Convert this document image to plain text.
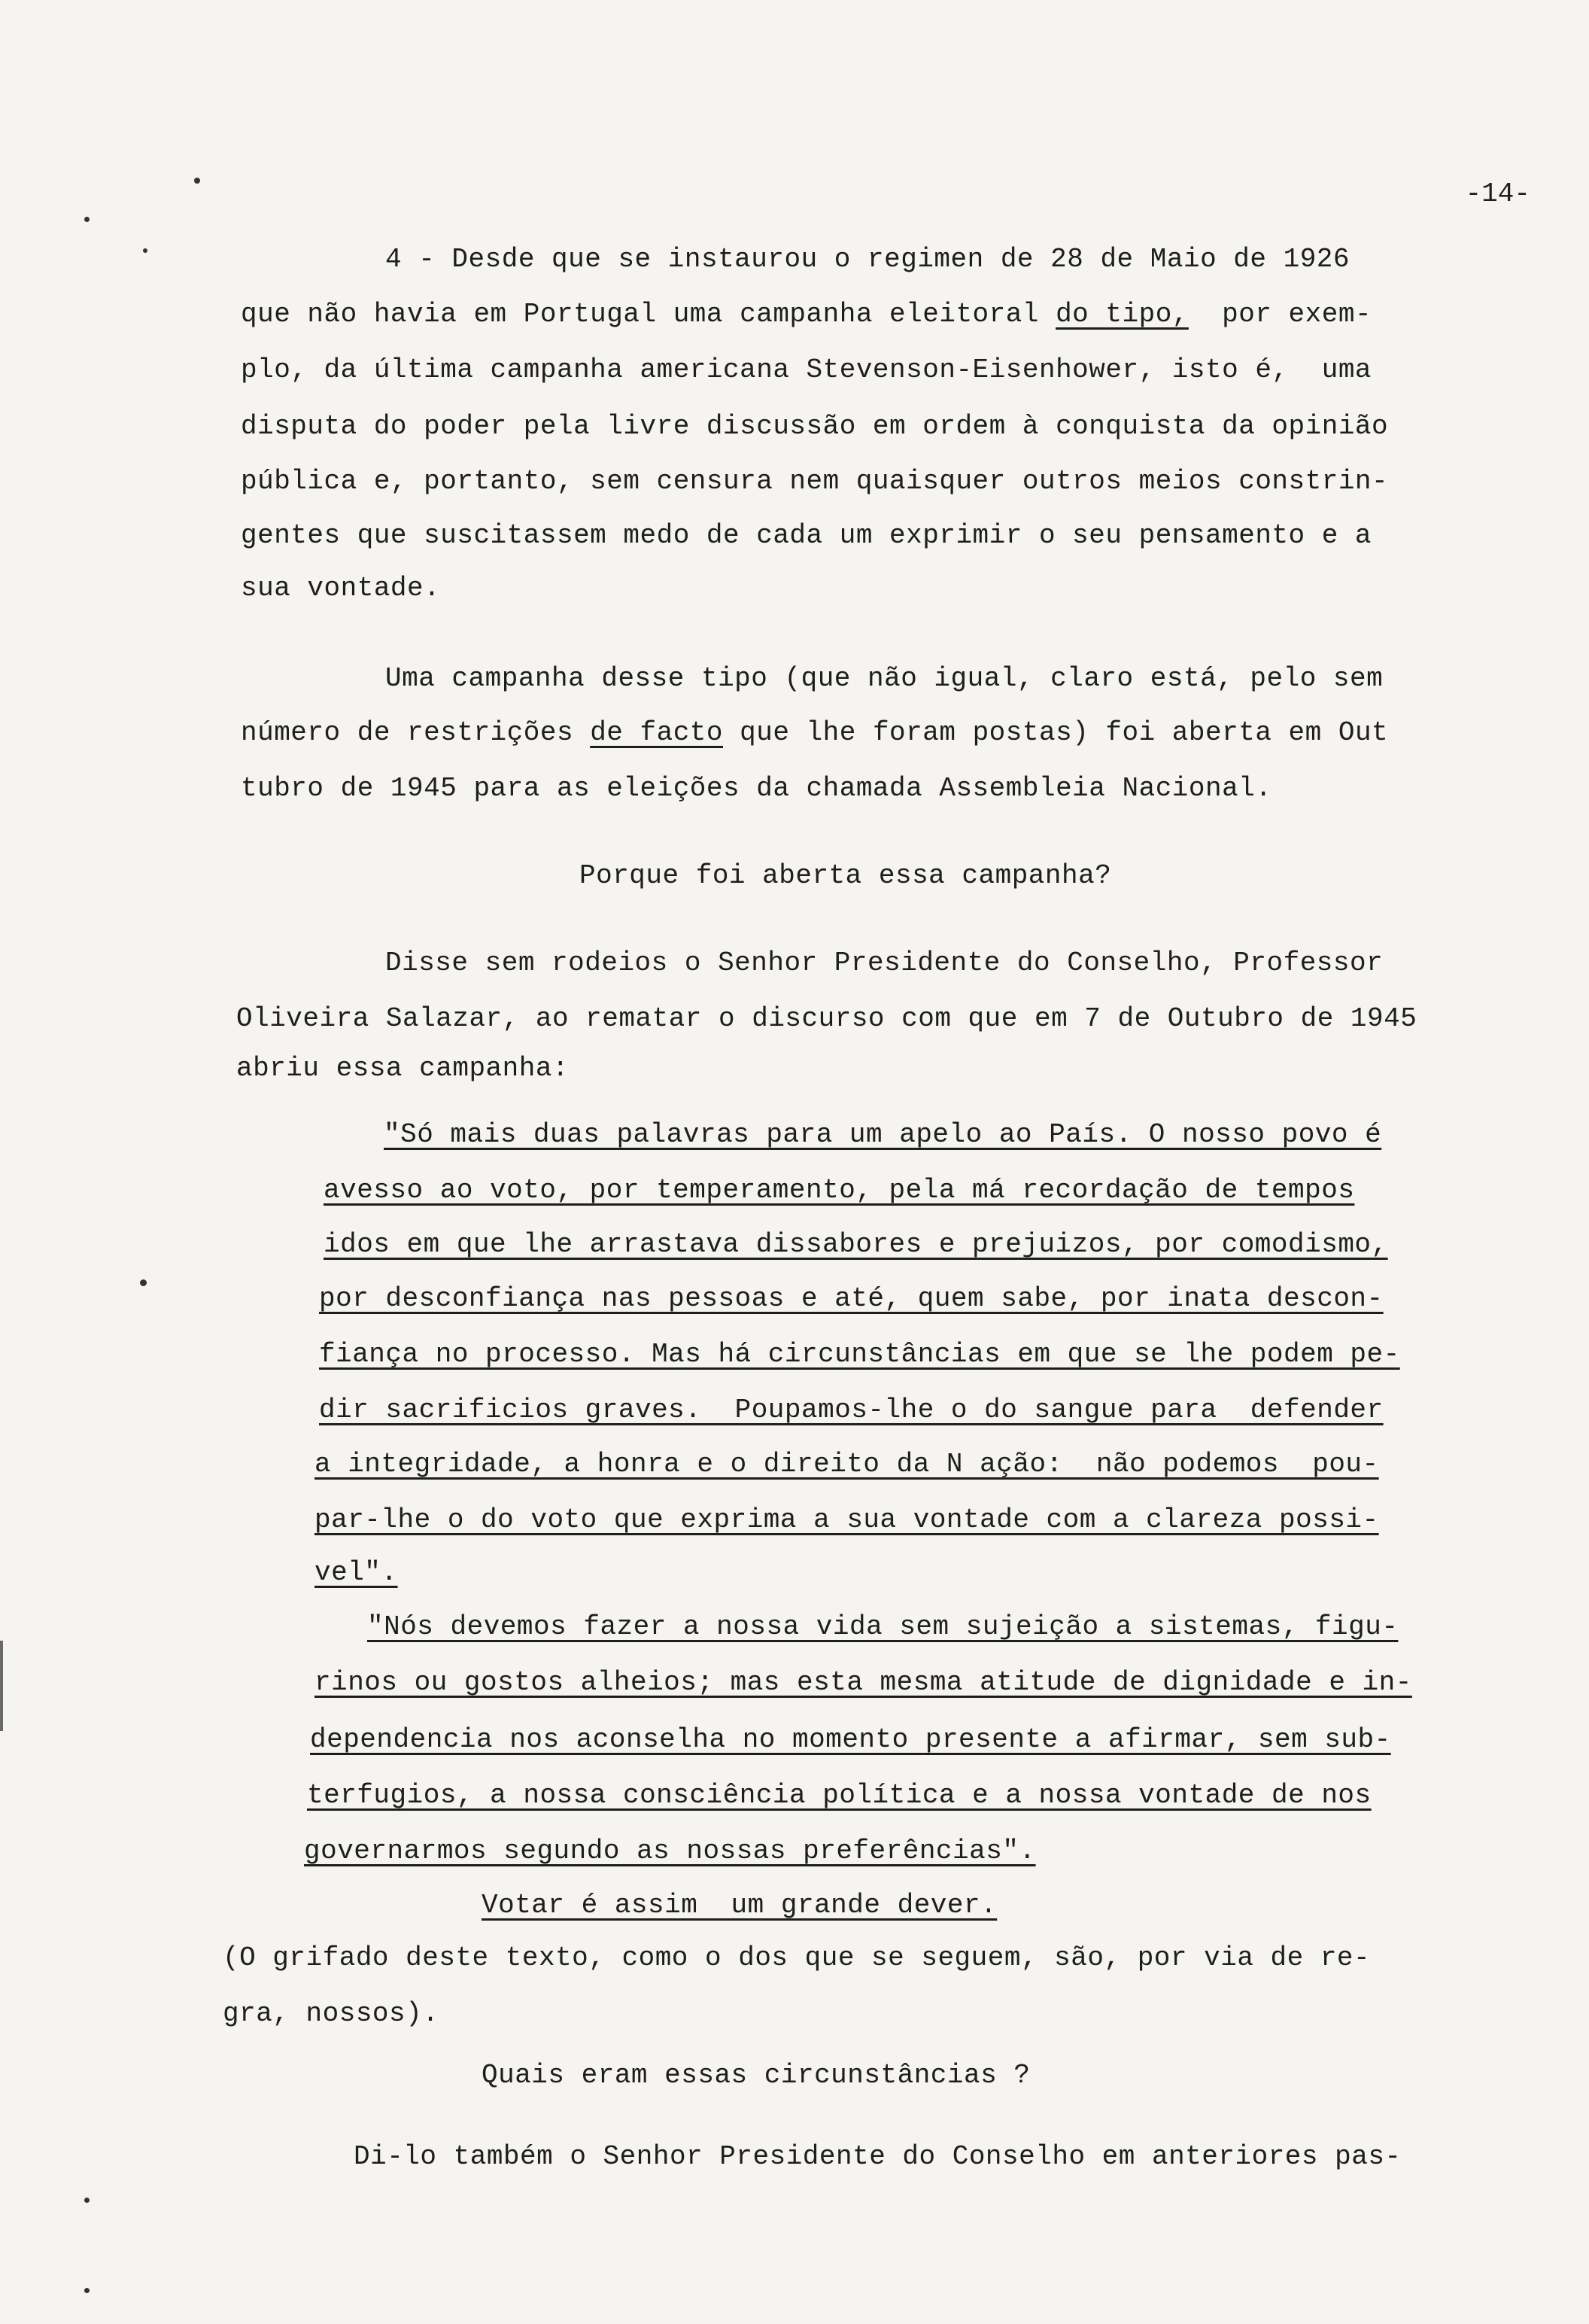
-14-
4 - Desde que se instaurou o regimen de 28 de Maio de 1926
que não havia em Portugal uma campanha eleitoral do tipo,  por exem-
plo, da última campanha americana Stevenson-Eisenhower, isto é,  uma
disputa do poder pela livre discussão em ordem à conquista da opinião
pública e, portanto, sem censura nem quaisquer outros meios constrin-
gentes que suscitassem medo de cada um exprimir o seu pensamento e a
sua vontade.
Uma campanha desse tipo (que não igual, claro está, pelo sem
número de restrições de facto que lhe foram postas) foi aberta em Out
tubro de 1945 para as eleições da chamada Assembleia Nacional.
Porque foi aberta essa campanha?
Disse sem rodeios o Senhor Presidente do Conselho, Professor
Oliveira Salazar, ao rematar o discurso com que em 7 de Outubro de 1945
abriu essa campanha:
"Só mais duas palavras para um apelo ao País. O nosso povo é
avesso ao voto, por temperamento, pela má recordação de tempos
idos em que lhe arrastava dissabores e prejuizos, por comodismo,
por desconfiança nas pessoas e até, quem sabe, por inata descon-
fiança no processo. Mas há circunstâncias em que se lhe podem pe-
dir sacrificios graves.  Poupamos-lhe o do sangue para  defender
a integridade, a honra e o direito da N ação:  não podemos  pou-
par-lhe o do voto que exprima a sua vontade com a clareza possi-
vel".
"Nós devemos fazer a nossa vida sem sujeição a sistemas, figu-
rinos ou gostos alheios; mas esta mesma atitude de dignidade e in-
dependencia nos aconselha no momento presente a afirmar, sem sub-
terfugios, a nossa consciência política e a nossa vontade de nos
governarmos segundo as nossas preferências".
Votar é assim  um grande dever.
(O grifado deste texto, como o dos que se seguem, são, por via de re-
gra, nossos).
Quais eram essas circunstâncias ?
Di-lo também o Senhor Presidente do Conselho em anteriores pas-
